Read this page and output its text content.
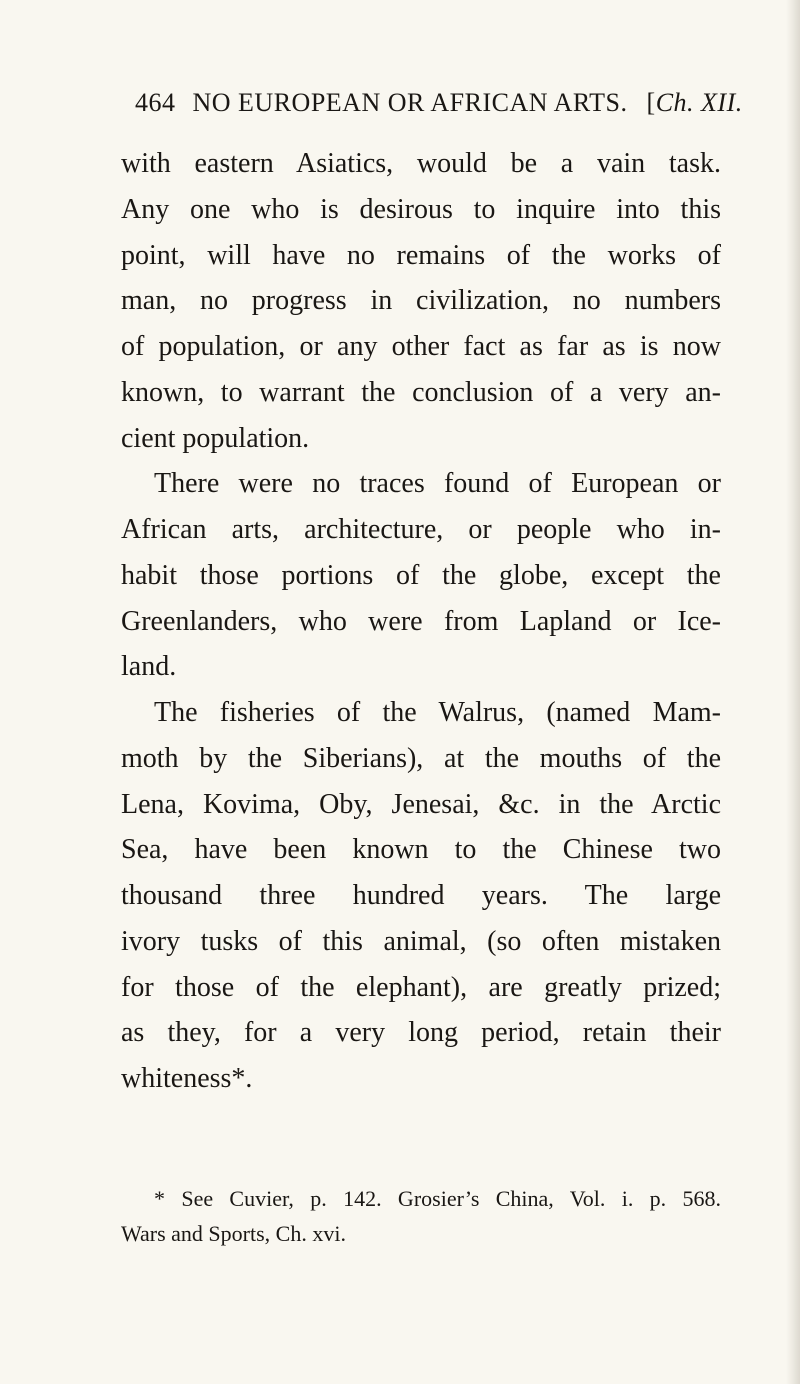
464 NO EUROPEAN OR AFRICAN ARTS. [Ch. XII.
with eastern Asiatics, would be a vain task.
Any one who is desirous to inquire into this
point, will have no remains of the works of
man, no progress in civilization, no numbers
of population, or any other fact as far as is now
known, to warrant the conclusion of a very an-
cient population.
There were no traces found of European or
African arts, architecture, or people who in-
habit those portions of the globe, except the
Greenlanders, who were from Lapland or Ice-
land.
The fisheries of the Walrus, (named Mam-
moth by the Siberians), at the mouths of the
Lena, Kovima, Oby, Jenesai, &c. in the Arctic
Sea, have been known to the Chinese two
thousand three hundred years. The large
ivory tusks of this animal, (so often mistaken
for those of the elephant), are greatly prized;
as they, for a very long period, retain their
whiteness*.
* See Cuvier, p. 142. Grosier’s China, Vol. i. p. 568.
Wars and Sports, Ch. xvi.
